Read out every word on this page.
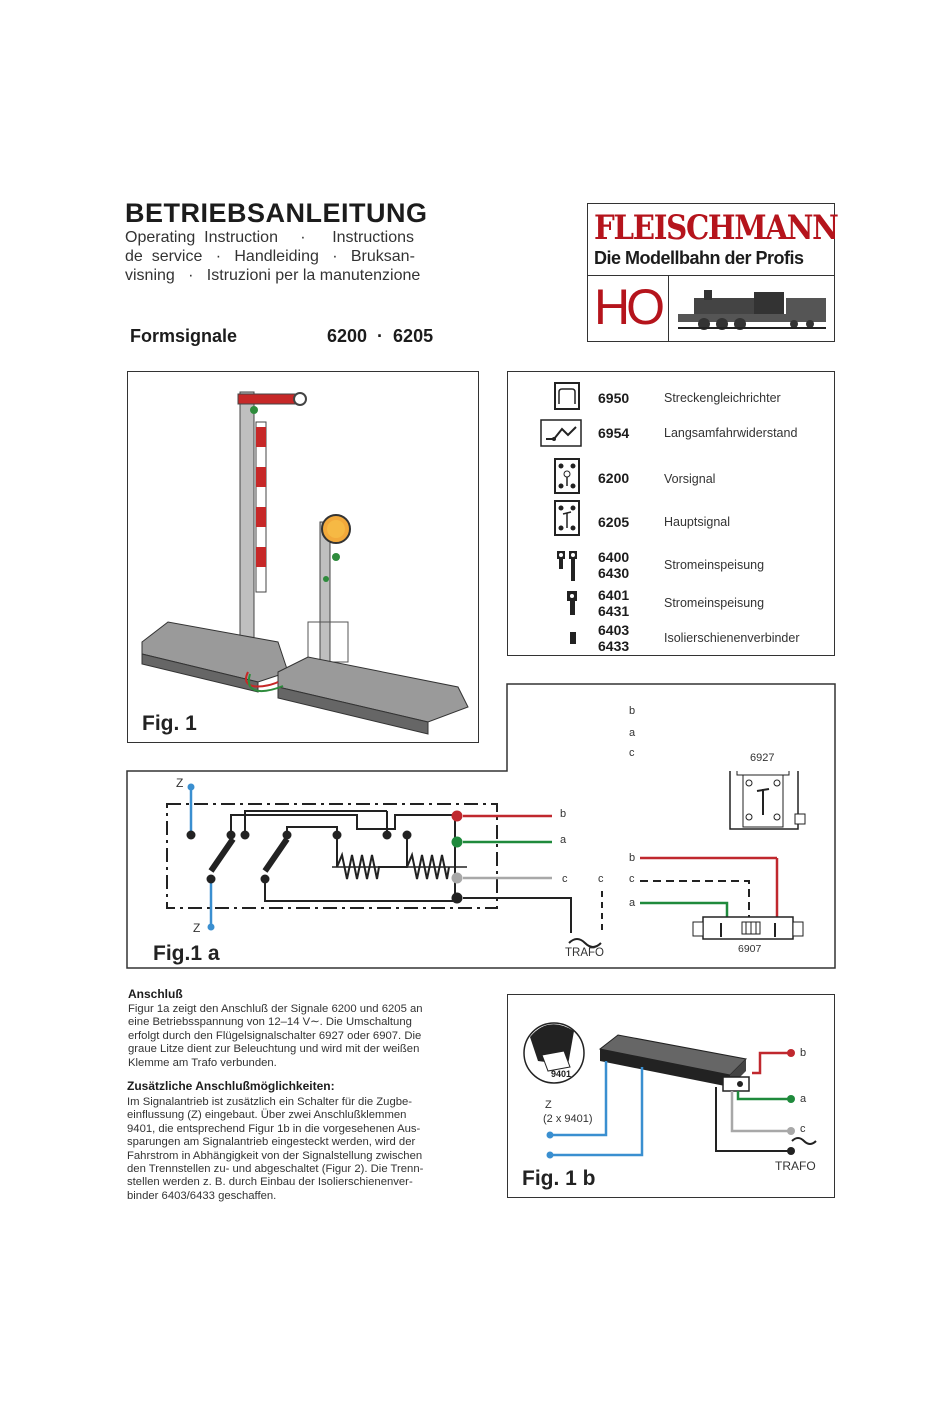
BETRIEBSANLEITUNG
Operating  Instruction     ·      Instructions
de  service   ·   Handleiding   ·   Bruksan-
visning   ·   Istruzioni per la manutenzione
FLEISCHMANN
Die Modellbahn der Profis
HO
Formsignale	6200  ·  6205
Fig. 1
6950	Streckengleichrichter
6954	Langsamfahrwiderstand
6200	Vorsignal
6205	Hauptsignal
6400
6430	Stromeinspeisung
6401
6431	Stromeinspeisung
6403
6433	Isolierschienenverbinder
Z
Z
b
a
c	c
TRAFO
Fig.1 a
b
a
c	6927
b
c
a
6907
Anschluß
Figur 1a zeigt den Anschluß der Signale 6200 und 6205 an
eine Betriebsspannung von 12–14 V∼. Die Umschaltung
erfolgt durch den Flügelsignalschalter 6927 oder 6907. Die
graue Litze dient zur Beleuchtung und wird mit der weißen
Klemme am Trafo verbunden.
Zusätzliche Anschlußmöglichkeiten:
Im Signalantrieb ist zusätzlich ein Schalter für die Zugbe-
einflussung (Z) eingebaut. Über zwei Anschlußklemmen
9401, die entsprechend Figur 1b in die vorgesehenen Aus-
sparungen am Signalantrieb eingesteckt werden, wird der
Fahrstrom in Abhängigkeit von der Signalstellung zwischen
den Trennstellen zu- und abgeschaltet (Figur 2). Die Trenn-
stellen werden z. B. durch Einbau der Isolierschienenver-
binder 6403/6433 geschaffen.
9401
Z
(2 x 9401)
b
a
c
TRAFO
Fig. 1 b
